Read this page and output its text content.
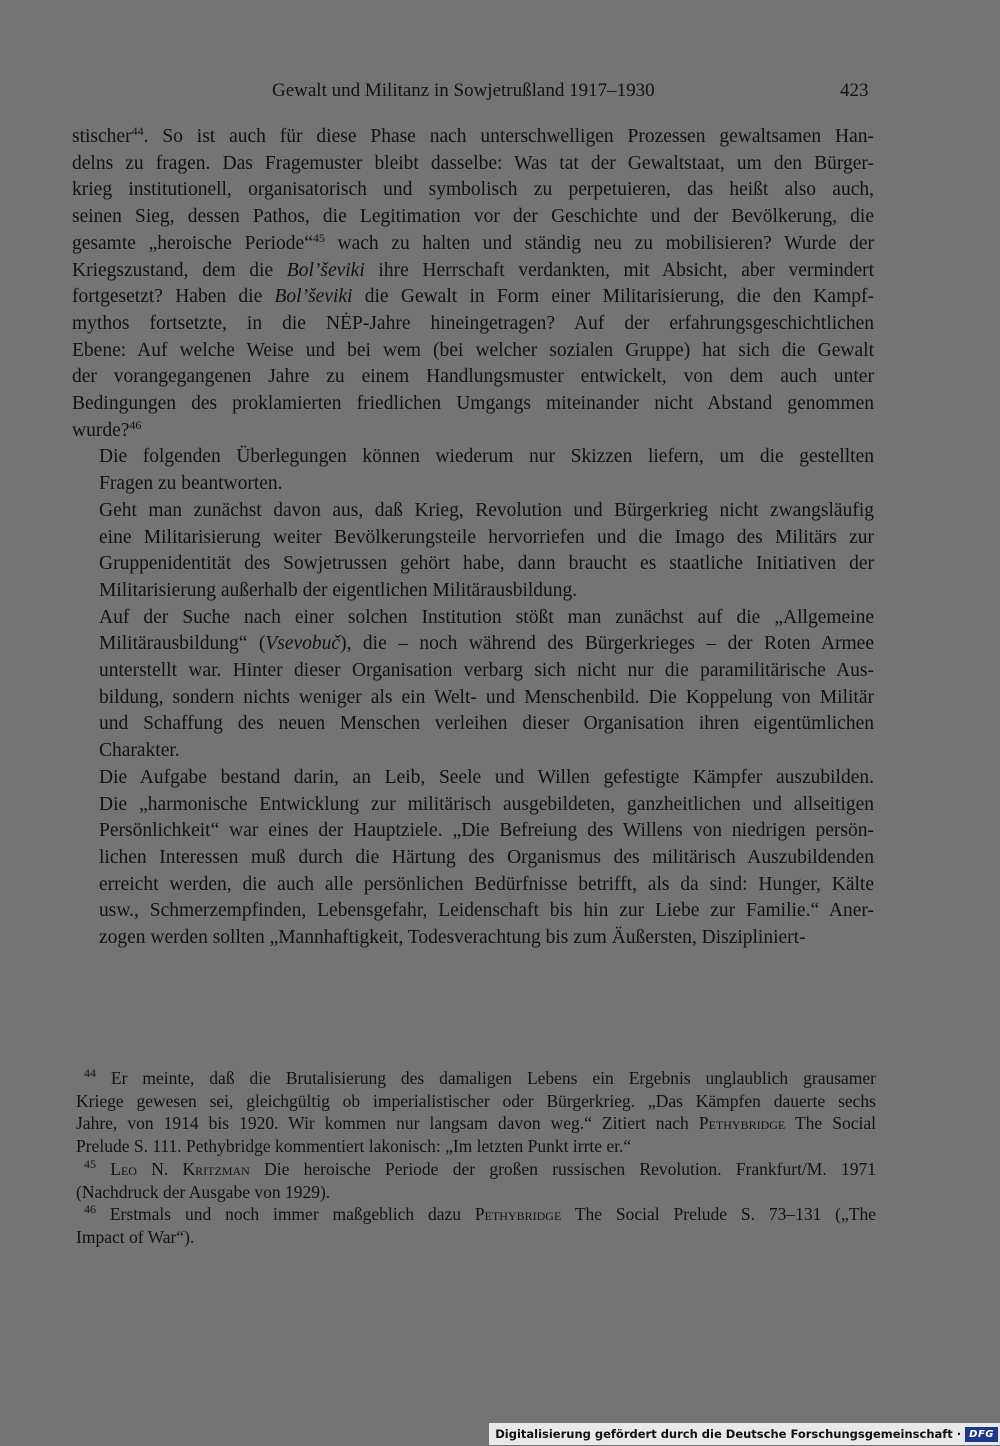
Gewalt und Militanz in Sowjetrußland 1917–1930	423

stischer$^{44}$. So ist auch für diese Phase nach unterschwelligen Prozessen gewaltsamen Han-
delns zu fragen. Das Fragemuster bleibt dasselbe: Was tat der Gewaltstaat, um den Bürger-
krieg institutionell, organisatorisch und symbolisch zu perpetuieren, das heißt also auch,
seinen Sieg, dessen Pathos, die Legitimation vor der Geschichte und der Bevölkerung, die
gesamte „heroische Periode“$^{45}$ wach zu halten und ständig neu zu mobilisieren? Wurde der
Kriegszustand, dem die Bol’ševiki ihre Herrschaft verdankten, mit Absicht, aber vermindert
fortgesetzt? Haben die Bol’ševiki die Gewalt in Form einer Militarisierung, die den Kampf-
mythos fortsetzte, in die NĖP-Jahre hineingetragen? Auf der erfahrungsgeschichtlichen
Ebene: Auf welche Weise und bei wem (bei welcher sozialen Gruppe) hat sich die Gewalt
der vorangegangenen Jahre zu einem Handlungsmuster entwickelt, von dem auch unter
Bedingungen des proklamierten friedlichen Umgangs miteinander nicht Abstand genommen
wurde?$^{46}$

Die folgenden Überlegungen können wiederum nur Skizzen liefern, um die gestellten
Fragen zu beantworten.

Geht man zunächst davon aus, daß Krieg, Revolution und Bürgerkrieg nicht zwangsläufig
eine Militarisierung weiter Bevölkerungsteile hervorriefen und die Imago des Militärs zur
Gruppenidentität des Sowjetrussen gehört habe, dann braucht es staatliche Initiativen der
Militarisierung außerhalb der eigentlichen Militärausbildung.

Auf der Suche nach einer solchen Institution stößt man zunächst auf die „Allgemeine
Militärausbildung“ (Vsevobuč), die – noch während des Bürgerkrieges – der Roten Armee
unterstellt war. Hinter dieser Organisation verbarg sich nicht nur die paramilitärische Aus-
bildung, sondern nichts weniger als ein Welt- und Menschenbild. Die Koppelung von Militär
und Schaffung des neuen Menschen verleihen dieser Organisation ihren eigentümlichen
Charakter.

Die Aufgabe bestand darin, an Leib, Seele und Willen gefestigte Kämpfer auszubilden.
Die „harmonische Entwicklung zur militärisch ausgebildeten, ganzheitlichen und allseitigen
Persönlichkeit“ war eines der Hauptziele. „Die Befreiung des Willens von niedrigen persön-
lichen Interessen muß durch die Härtung des Organismus des militärisch Auszubildenden
erreicht werden, die auch alle persönlichen Bedürfnisse betrifft, als da sind: Hunger, Kälte
usw., Schmerzempfinden, Lebensgefahr, Leidenschaft bis hin zur Liebe zur Familie.“ Aner-
zogen werden sollten „Mannhaftigkeit, Todesverachtung bis zum Äußersten, Diszipliniert-

$^{44}$ Er meinte, daß die Brutalisierung des damaligen Lebens ein Ergebnis unglaublich grausamer
Kriege gewesen sei, gleichgültig ob imperialistischer oder Bürgerkrieg. „Das Kämpfen dauerte sechs
Jahre, von 1914 bis 1920. Wir kommen nur langsam davon weg.“ Zitiert nach Pethybridge The Social
Prelude S. 111. Pethybridge kommentiert lakonisch: „Im letzten Punkt irrte er.“

$^{45}$ Leo N. Kritzman Die heroische Periode der großen russischen Revolution. Frankfurt/M. 1971
(Nachdruck der Ausgabe von 1929).

$^{46}$ Erstmals und noch immer maßgeblich dazu Pethybridge The Social Prelude S. 73–131 („The
Impact of War“).

Digitalisierung gefördert durch die Deutsche Forschungsgemeinschaft · DFG
